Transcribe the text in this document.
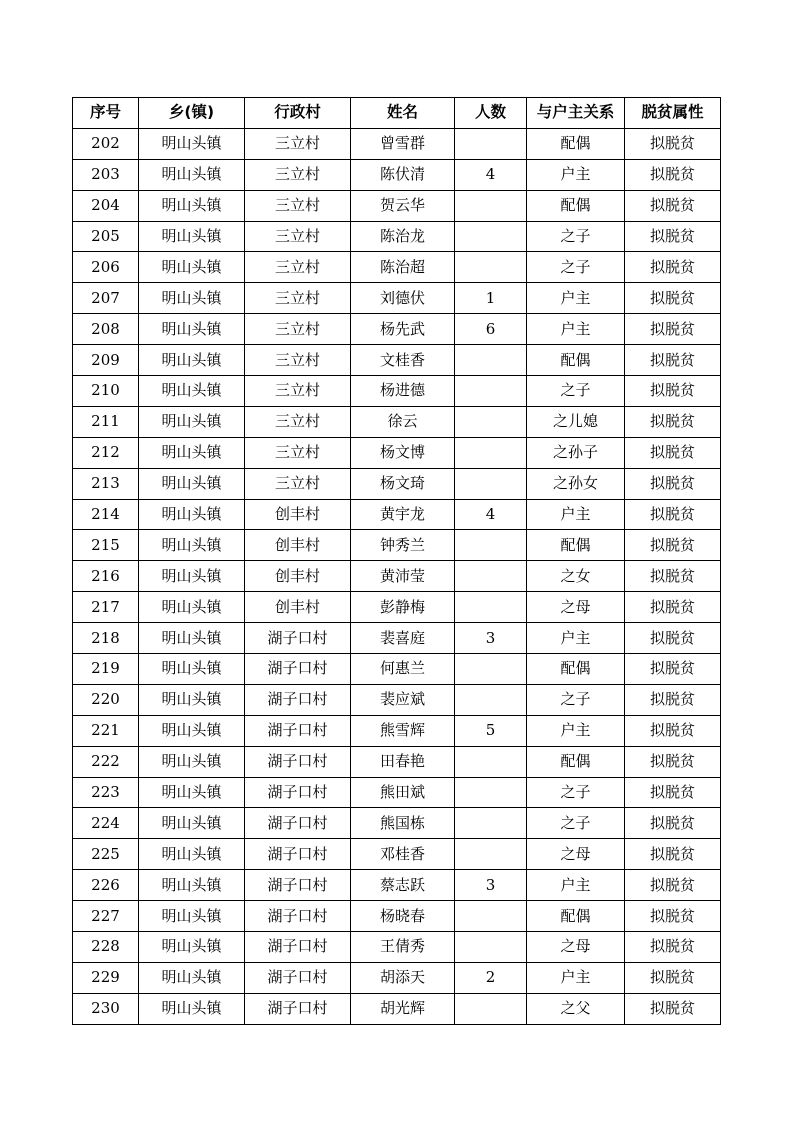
序号	乡(镇)	行政村	姓名	人数	与户主关系	脱贫属性
202	明山头镇	三立村	曾雪群		配偶	拟脱贫
203	明山头镇	三立村	陈伏清	4	户主	拟脱贫
204	明山头镇	三立村	贺云华		配偶	拟脱贫
205	明山头镇	三立村	陈治龙		之子	拟脱贫
206	明山头镇	三立村	陈治超		之子	拟脱贫
207	明山头镇	三立村	刘德伏	1	户主	拟脱贫
208	明山头镇	三立村	杨先武	6	户主	拟脱贫
209	明山头镇	三立村	文桂香		配偶	拟脱贫
210	明山头镇	三立村	杨进德		之子	拟脱贫
211	明山头镇	三立村	徐云		之儿媳	拟脱贫
212	明山头镇	三立村	杨文博		之孙子	拟脱贫
213	明山头镇	三立村	杨文琦		之孙女	拟脱贫
214	明山头镇	创丰村	黄宇龙	4	户主	拟脱贫
215	明山头镇	创丰村	钟秀兰		配偶	拟脱贫
216	明山头镇	创丰村	黄沛莹		之女	拟脱贫
217	明山头镇	创丰村	彭静梅		之母	拟脱贫
218	明山头镇	湖子口村	裴喜庭	3	户主	拟脱贫
219	明山头镇	湖子口村	何惠兰		配偶	拟脱贫
220	明山头镇	湖子口村	裴应斌		之子	拟脱贫
221	明山头镇	湖子口村	熊雪辉	5	户主	拟脱贫
222	明山头镇	湖子口村	田春艳		配偶	拟脱贫
223	明山头镇	湖子口村	熊田斌		之子	拟脱贫
224	明山头镇	湖子口村	熊国栋		之子	拟脱贫
225	明山头镇	湖子口村	邓桂香		之母	拟脱贫
226	明山头镇	湖子口村	蔡志跃	3	户主	拟脱贫
227	明山头镇	湖子口村	杨晓春		配偶	拟脱贫
228	明山头镇	湖子口村	王倩秀		之母	拟脱贫
229	明山头镇	湖子口村	胡添天	2	户主	拟脱贫
230	明山头镇	湖子口村	胡光辉		之父	拟脱贫
